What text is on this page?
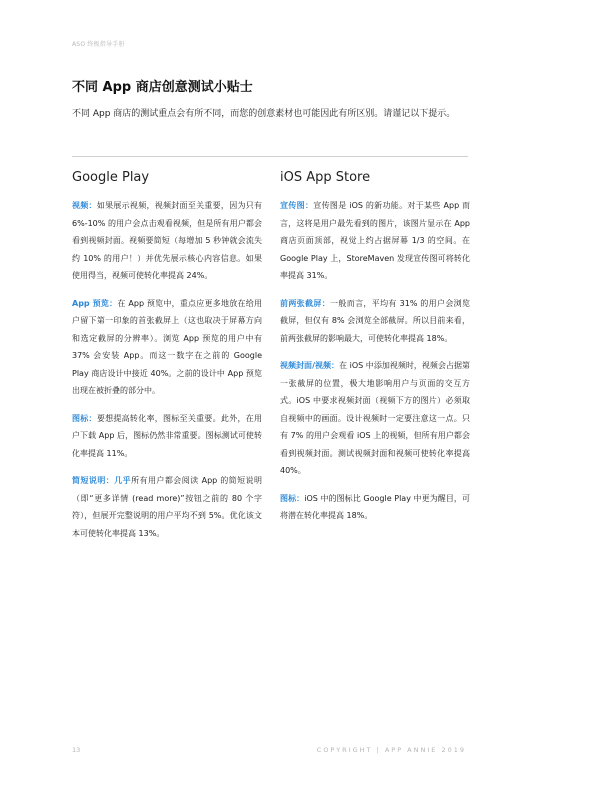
ASO 终极指导手册
不同 App 商店创意测试小贴士
不同 App 商店的测试重点会有所不同，而您的创意素材也可能因此有所区别。请谨记以下提示。
Google Play

视频：如果展示视频，视频封面至关重要，因为只有 6%-10% 的用户会点击观看视频，但是所有用户都会看到视频封面。视频要简短（每增加 5 秒钟就会流失约 10% 的用户！）并优先展示核心内容信息。如果使用得当，视频可使转化率提高 24%。

App 预览：在 App 预览中，重点应更多地放在给用户留下第一印象的首张截屏上（这也取决于屏幕方向和选定截屏的分辨率）。浏览 App 预览的用户中有 37% 会安装 App。而这一数字在之前的 Google Play 商店设计中接近 40%。之前的设计中 App 预览出现在被折叠的部分中。

图标：要想提高转化率，图标至关重要。此外，在用户下载 App 后，图标仍然非常重要。图标测试可使转化率提高 11%。

简短说明：几乎所有用户都会阅读 App 的简短说明（即“更多详情 (read more)”按钮之前的 80 个字符），但展开完整说明的用户平均不到 5%。优化该文本可使转化率提高 13%。

iOS App Store

宣传图：宣传图是 iOS 的新功能。对于某些 App 而言，这将是用户最先看到的图片，该图片显示在 App 商店页面顶部，视觉上约占据屏幕 1/3 的空间。在 Google Play 上，StoreMaven 发现宣传图可将转化率提高 31%。

前两张截屏：一般而言，平均有 31% 的用户会浏览截屏，但仅有 8% 会浏览全部截屏。所以目前来看，前两张截屏的影响最大，可使转化率提高 18%。

视频封面/视频：在 iOS 中添加视频时，视频会占据第一张截屏的位置，极大地影响用户与页面的交互方式。iOS 中要求视频封面（视频下方的图片）必须取自视频中的画面。设计视频时一定要注意这一点。只有 7% 的用户会观看 iOS 上的视频，但所有用户都会看到视频封面。测试视频封面和视频可使转化率提高 40%。

图标：iOS 中的图标比 Google Play 中更为醒目，可将潜在转化率提高 18%。

13	COPYRIGHT | APP ANNIE 2019
